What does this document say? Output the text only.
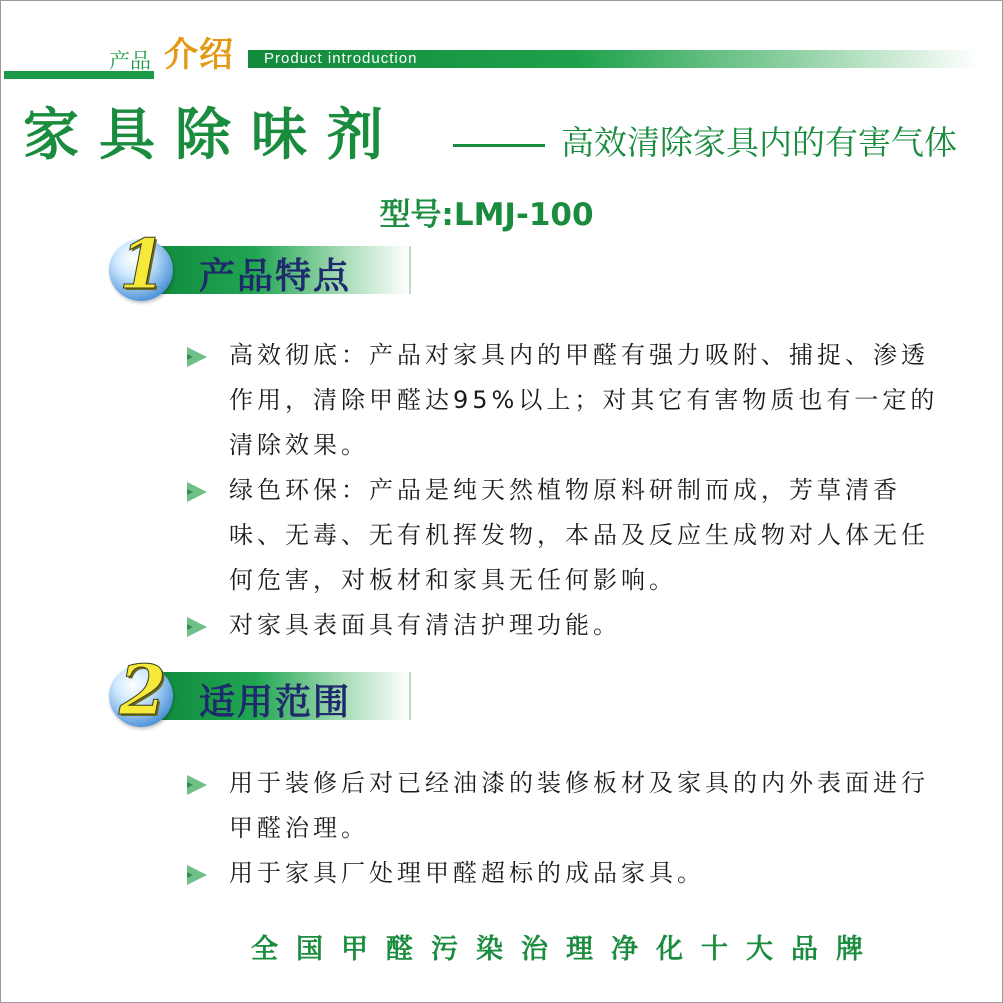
产品 介绍 Product introduction
家具除味剂	高效清除家具内的有害气体
型号:LMJ-100
1 产品特点
高效彻底：产品对家具内的甲醛有强力吸附、捕捉、渗透作用，清除甲醛达95%以上；对其它有害物质也有一定的清除效果。
绿色环保：产品是纯天然植物原料研制而成，芳草清香味、无毒、无有机挥发物，本品及反应生成物对人体无任何危害，对板材和家具无任何影响。
对家具表面具有清洁护理功能。
2 适用范围
用于装修后对已经油漆的装修板材及家具的内外表面进行甲醛治理。
用于家具厂处理甲醛超标的成品家具。
全国甲醛污染治理净化十大品牌
